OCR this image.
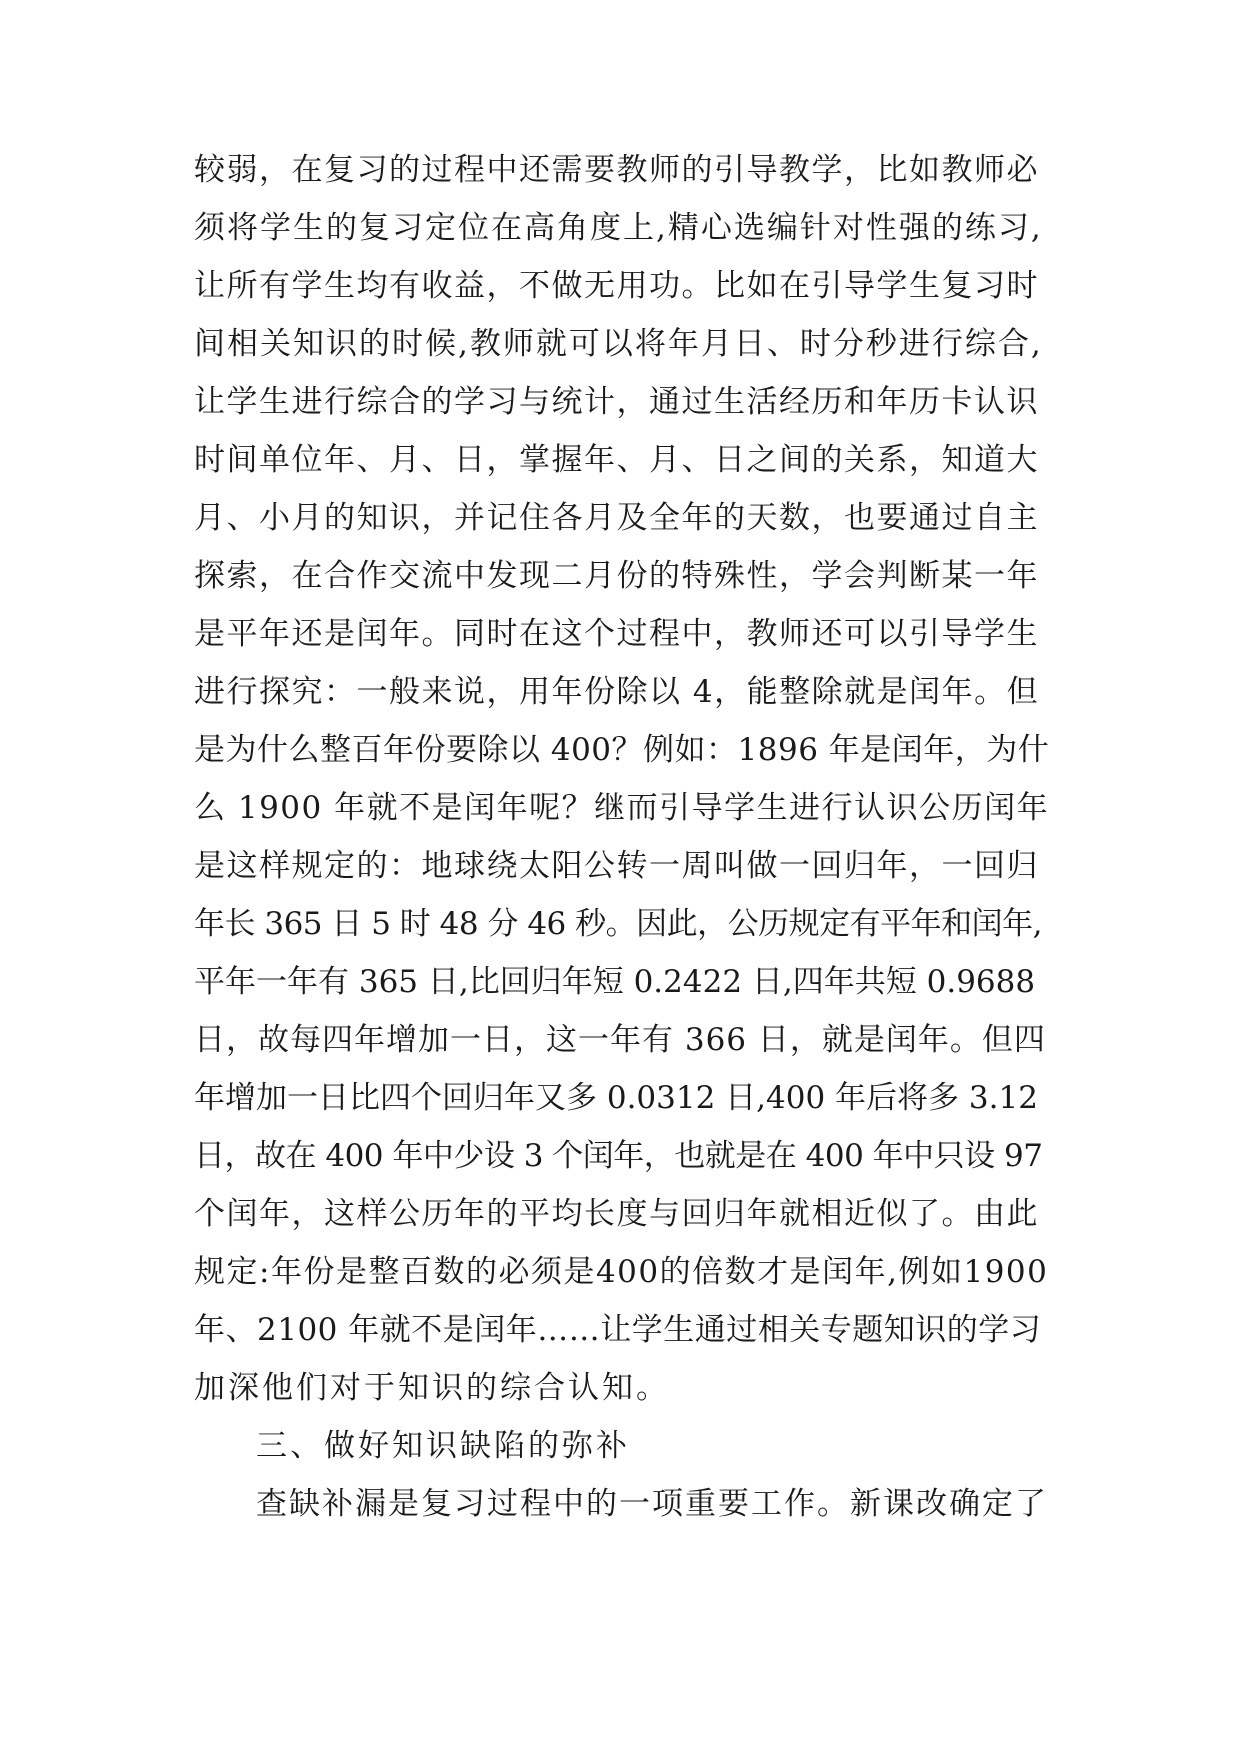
较弱，在复习的过程中还需要教师的引导教学，比如教师必
须将学生的复习定位在高角度上,精心选编针对性强的练习,
让所有学生均有收益，不做无用功。比如在引导学生复习时
间相关知识的时候,教师就可以将年月日、时分秒进行综合,
让学生进行综合的学习与统计，通过生活经历和年历卡认识
时间单位年、月、日，掌握年、月、日之间的关系，知道大
月、小月的知识，并记住各月及全年的天数，也要通过自主
探索，在合作交流中发现二月份的特殊性，学会判断某一年
是平年还是闰年。同时在这个过程中，教师还可以引导学生
进行探究：一般来说，用年份除以 4，能整除就是闰年。但
是为什么整百年份要除以 400？例如：1896 年是闰年，为什
么 1900 年就不是闰年呢？继而引导学生进行认识公历闰年
是这样规定的：地球绕太阳公转一周叫做一回归年，一回归
年长 365 日 5 时 48 分 46 秒。因此，公历规定有平年和闰年,
平年一年有 365 日,比回归年短 0.2422 日,四年共短 0.9688
日，故每四年增加一日，这一年有 366 日，就是闰年。但四
年增加一日比四个回归年又多 0.0312 日,400 年后将多 3.12
日，故在 400 年中少设 3 个闰年，也就是在 400 年中只设 97
个闰年，这样公历年的平均长度与回归年就相近似了。由此
规定:年份是整百数的必须是400的倍数才是闰年,例如1900
年、2100 年就不是闰年……让学生通过相关专题知识的学习
加深他们对于知识的综合认知。
三、做好知识缺陷的弥补
查缺补漏是复习过程中的一项重要工作。新课改确定了
